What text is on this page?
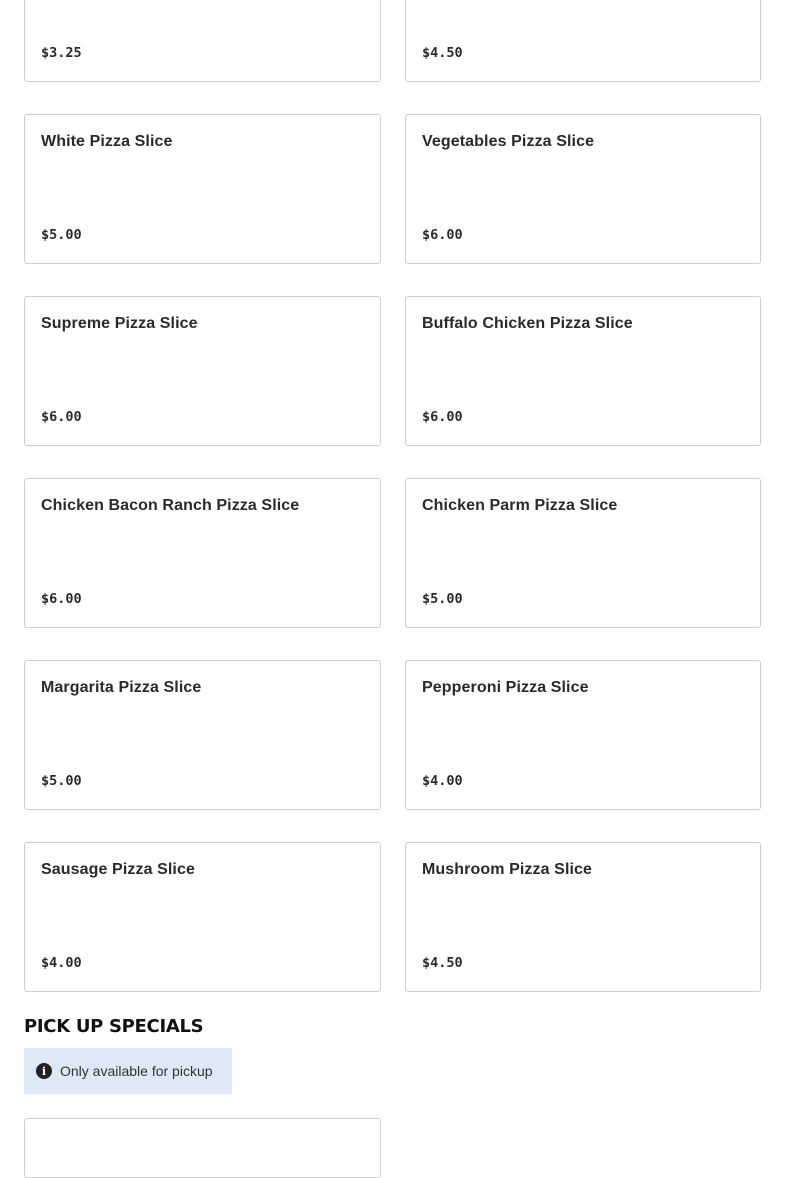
$3.25	$4.50
White Pizza Slice
$5.00
Vegetables Pizza Slice
$6.00
Supreme Pizza Slice
$6.00
Buffalo Chicken Pizza Slice
$6.00
Chicken Bacon Ranch Pizza Slice
$6.00
Chicken Parm Pizza Slice
$5.00
Margarita Pizza Slice
$5.00
Pepperoni Pizza Slice
$4.00
Sausage Pizza Slice
$4.00
Mushroom Pizza Slice
$4.50
PICK UP SPECIALS
i Only available for pickup
